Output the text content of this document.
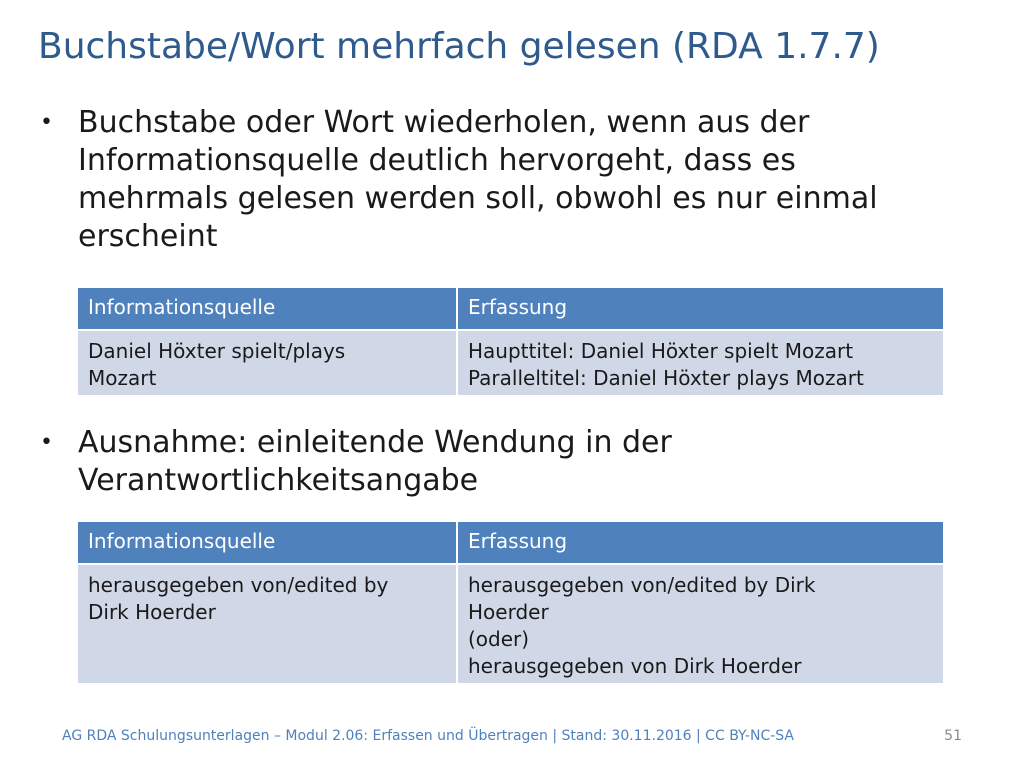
Buchstabe/Wort mehrfach gelesen (RDA 1.7.7)
• Buchstabe oder Wort wiederholen, wenn aus der Informationsquelle deutlich hervorgeht, dass es mehrmals gelesen werden soll, obwohl es nur einmal erscheint
Informationsquelle	Erfassung

Daniel Höxter spielt/plays
Mozart	Haupttitel: Daniel Höxter spielt Mozart
Paralleltitel: Daniel Höxter plays Mozart
• Ausnahme: einleitende Wendung in der Verantwortlichkeitsangabe
Informationsquelle	Erfassung

herausgegeben von/edited by
Dirk Hoerder	herausgegeben von/edited by Dirk
Hoerder
(oder)
herausgegeben von Dirk Hoerder
AG RDA Schulungsunterlagen – Modul 2.06: Erfassen und Übertragen | Stand: 30.11.2016 | CC BY-NC-SA	51
